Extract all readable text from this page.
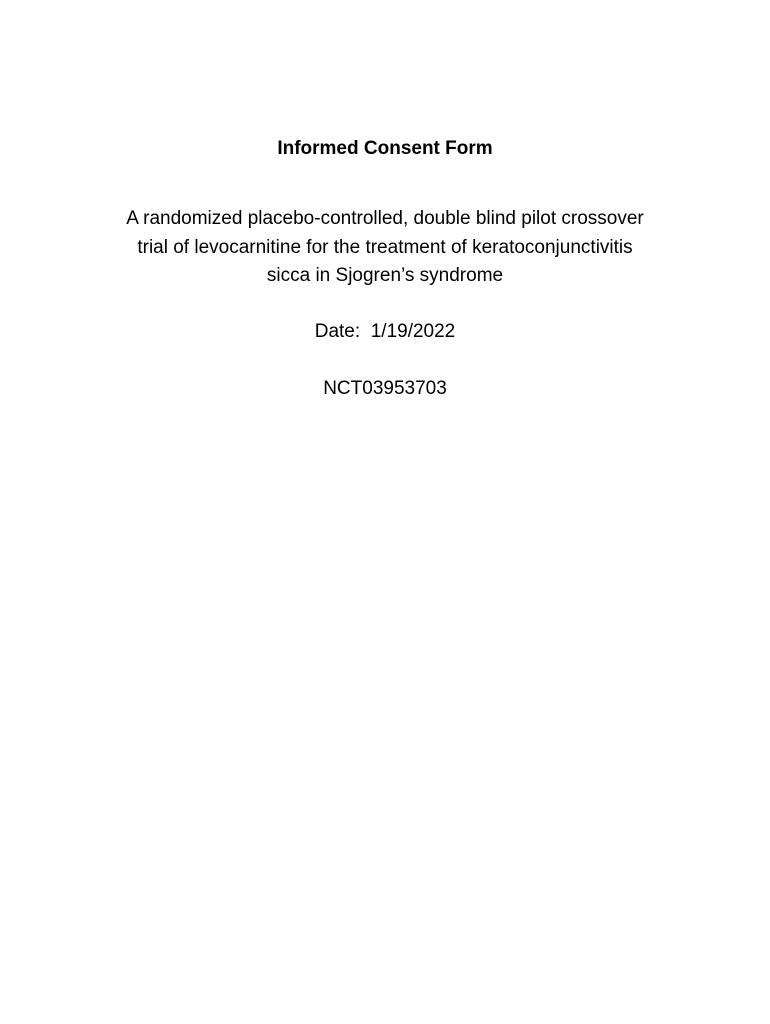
Informed Consent Form

A randomized placebo-controlled, double blind pilot crossover
trial of levocarnitine for the treatment of keratoconjunctivitis
sicca in Sjogren’s syndrome

Date: 1/19/2022
NCT03953703
